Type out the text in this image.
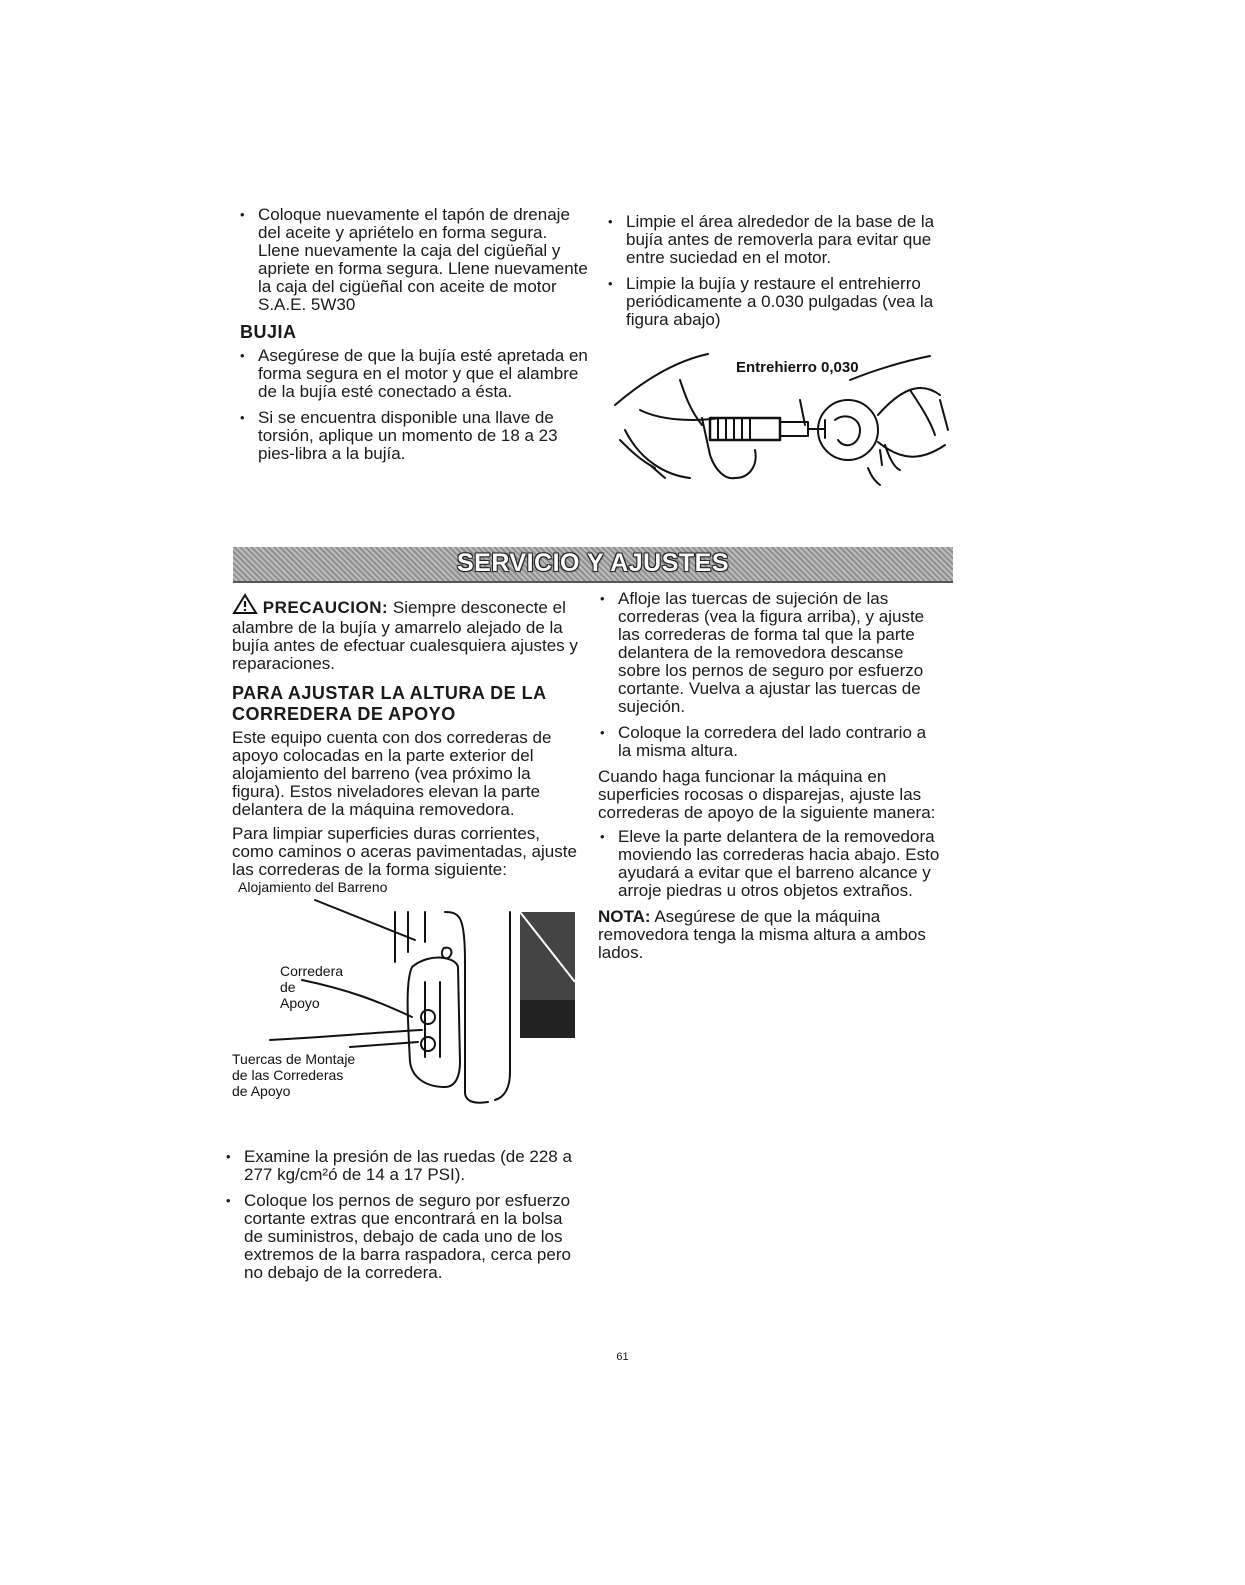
• Coloque nuevamente el tapón de drenaje del aceite y apriételo en forma segura. Llene nuevamente la caja del cigüeñal y apriete en forma segura. Llene nuevamente la caja del cigüeñal con aceite de motor S.A.E. 5W30
BUJIA
• Asegúrese de que la bujía esté apretada en forma segura en el motor y que el alambre de la bujía esté conectado a ésta.
• Si se encuentra disponible una llave de torsión, aplique un momento de 18 a 23 pies-libra a la bujía.
• Limpie el área alrededor de la base de la bujía antes de removerla para evitar que entre suciedad en el motor.
• Limpie la bujía y restaure el entrehierro periódicamente a 0.030 pulgadas (vea la figura abajo)
Entrehierro 0,030
SERVICIO Y AJUSTES

PRECAUCION: Siempre desconecte el alambre de la bujía y amarrelo alejado de la bujía antes de efectuar cualesquiera ajustes y reparaciones.

PARA AJUSTAR LA ALTURA DE LA CORREDERA DE APOYO

Este equipo cuenta con dos correderas de apoyo colocadas en la parte exterior del alojamiento del barreno (vea próximo la figura). Estos niveladores elevan la parte delantera de la máquina removedora.

Para limpiar superficies duras corrientes, como caminos o aceras pavimentadas, ajuste las correderas de la forma siguiente:

Alojamiento del Barreno
Corredera
de
Apoyo
Tuercas de Montaje
de las Correderas
de Apoyo
• Examine la presión de las ruedas (de 228 a 277 kg/cm²ó de 14 a 17 PSI).
• Coloque los pernos de seguro por esfuerzo cortante extras que encontrará en la bolsa de suministros, debajo de cada uno de los extremos de la barra raspadora, cerca pero no debajo de la corredera.
• Afloje las tuercas de sujeción de las correderas (vea la figura arriba), y ajuste las correderas de forma tal que la parte delantera de la removedora descanse sobre los pernos de seguro por esfuerzo cortante. Vuelva a ajustar las tuercas de sujeción.
• Coloque la corredera del lado contrario a la misma altura.

Cuando haga funcionar la máquina en superficies rocosas o disparejas, ajuste las correderas de apoyo de la siguiente manera:

• Eleve la parte delantera de la removedora moviendo las correderas hacia abajo. Esto ayudará a evitar que el barreno alcance y arroje piedras u otros objetos extraños.

NOTA: Asegúrese de que la máquina removedora tenga la misma altura a ambos lados.

61
